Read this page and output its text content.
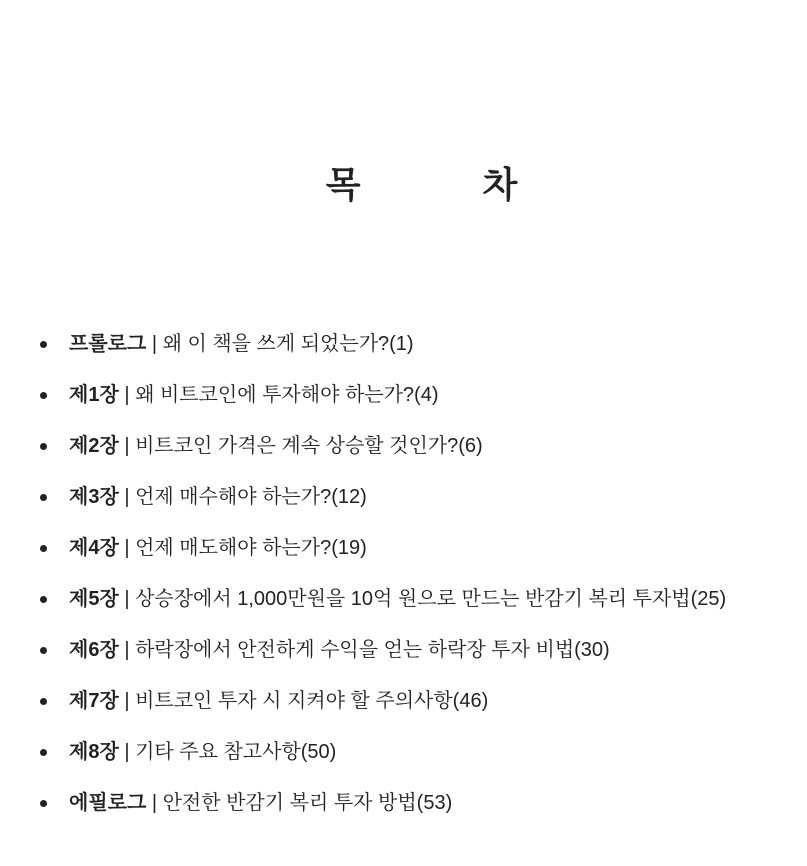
목          차
프롤로그 | 왜 이 책을 쓰게 되었는가?(1)
제1장 | 왜 비트코인에 투자해야 하는가?(4)
제2장 | 비트코인 가격은 계속 상승할 것인가?(6)
제3장 | 언제 매수해야 하는가?(12)
제4장 | 언제 매도해야 하는가?(19)
제5장 | 상승장에서 1,000만원을 10억 원으로 만드는 반감기 복리 투자법(25)
제6장 | 하락장에서 안전하게 수익을 얻는 하락장 투자 비법(30)
제7장 | 비트코인 투자 시 지켜야 할 주의사항(46)
제8장 | 기타 주요 참고사항(50)
에필로그 | 안전한 반감기 복리 투자 방법(53)
